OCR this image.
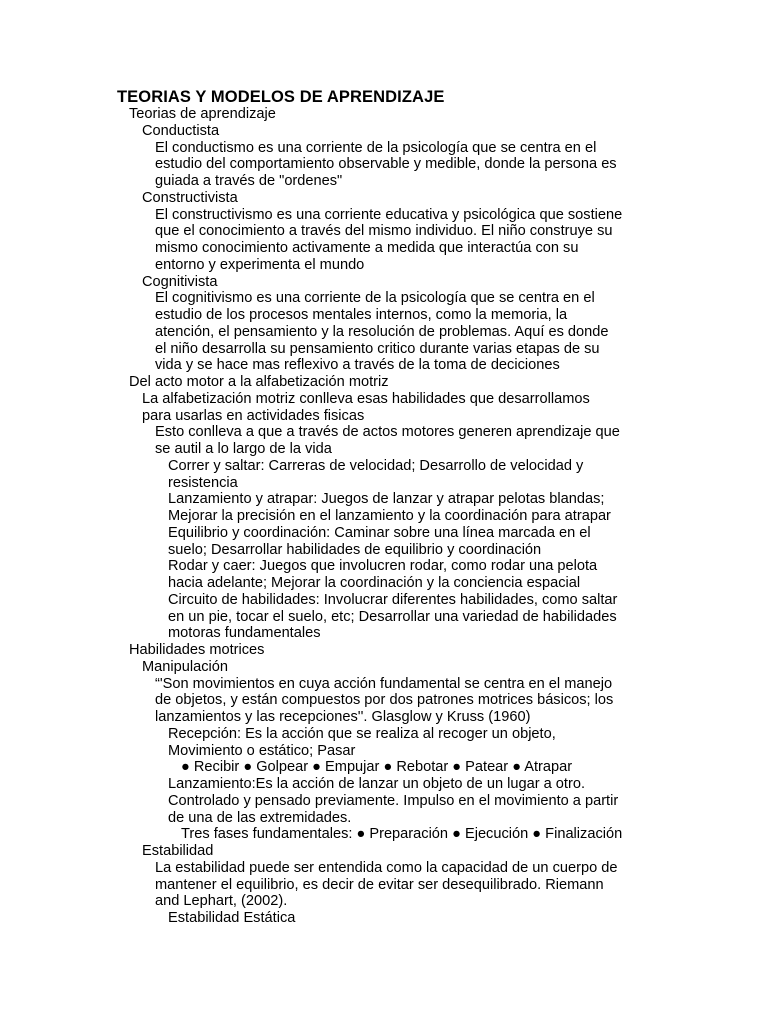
TEORIAS Y MODELOS DE APRENDIZAJE
Teorias de aprendizaje
Conductista
El conductismo es una corriente de la psicología que se centra en el
estudio del comportamiento observable y medible, donde la persona es
guiada a través de "ordenes"
Constructivista
El constructivismo es una corriente educativa y psicológica que sostiene
que el conocimiento a través del mismo individuo. El niño construye su
mismo conocimiento activamente a medida que interactúa con su
entorno y experimenta el mundo
Cognitivista
El cognitivismo es una corriente de la psicología que se centra en el
estudio de los procesos mentales internos, como la memoria, la
atención, el pensamiento y la resolución de problemas. Aquí es donde
el niño desarrolla su pensamiento critico durante varias etapas de su
vida y se hace mas reflexivo a través de la toma de deciciones
Del acto motor a la alfabetización motriz
La alfabetización motriz conlleva esas habilidades que desarrollamos
para usarlas en actividades fisicas
Esto conlleva a que a través de actos motores generen aprendizaje que
se autil a lo largo de la vida
Correr y saltar: Carreras de velocidad; Desarrollo de velocidad y
resistencia
Lanzamiento y atrapar: Juegos de lanzar y atrapar pelotas blandas;
Mejorar la precisión en el lanzamiento y la coordinación para atrapar
Equilibrio y coordinación: Caminar sobre una línea marcada en el
suelo; Desarrollar habilidades de equilibrio y coordinación
Rodar y caer: Juegos que involucren rodar, como rodar una pelota
hacia adelante; Mejorar la coordinación y la conciencia espacial
Circuito de habilidades: Involucrar diferentes habilidades, como saltar
en un pie, tocar el suelo, etc; Desarrollar una variedad de habilidades
motoras fundamentales
Habilidades motrices
Manipulación
“'Son movimientos en cuya acción fundamental se centra en el manejo
de objetos, y están compuestos por dos patrones motrices básicos; los
lanzamientos y las recepciones''. Glasglow y Kruss (1960)
Recepción: Es la acción que se realiza al recoger un objeto,
Movimiento o estático; Pasar
● Recibir ● Golpear ● Empujar ● Rebotar ● Patear ● Atrapar
Lanzamiento:Es la acción de lanzar un objeto de un lugar a otro.
Controlado y pensado previamente. Impulso en el movimiento a partir
de una de las extremidades.
Tres fases fundamentales: ● Preparación ● Ejecución ● Finalización
Estabilidad
La estabilidad puede ser entendida como la capacidad de un cuerpo de
mantener el equilibrio, es decir de evitar ser desequilibrado. Riemann
and Lephart, (2002).
Estabilidad Estática
